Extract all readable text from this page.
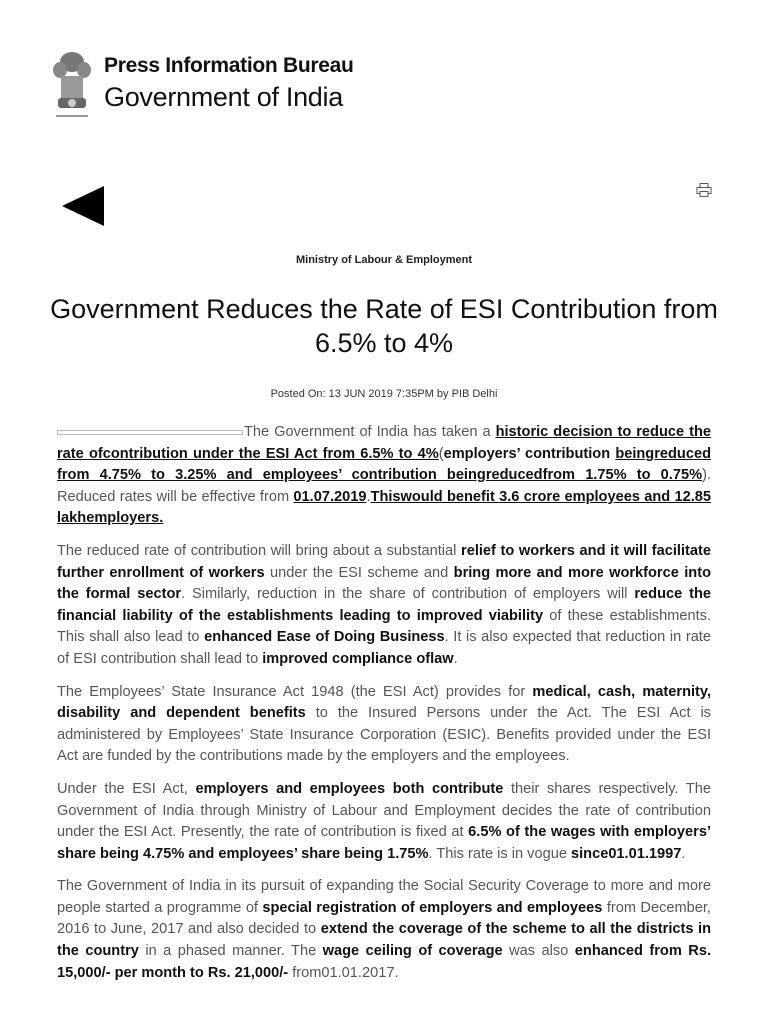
Press Information Bureau
Government of India
Ministry of Labour & Employment
Government Reduces the Rate of ESI Contribution from 6.5% to 4%
Posted On: 13 JUN 2019 7:35PM by PIB Delhi

The Government of India has taken a historic decision to reduce the rate ofcontribution under the ESI Act from 6.5% to 4%(employers’ contribution beingreduced from 4.75% to 3.25% and employees’ contribution beingreducedfrom 1.75% to 0.75%). Reduced rates will be effective from 01.07.2019.Thiswould benefit 3.6 crore employees and 12.85 lakhemployers.

The reduced rate of contribution will bring about a substantial relief to workers and it will facilitate further enrollment of workers under the ESI scheme and bring more and more workforce into the formal sector. Similarly, reduction in the share of contribution of employers will reduce the financial liability of the establishments leading to improved viability of these establishments. This shall also lead to enhanced Ease of Doing Business. It is also expected that reduction in rate of ESI contribution shall lead to improved compliance oflaw.

The Employees’ State Insurance Act 1948 (the ESI Act) provides for medical, cash, maternity, disability and dependent benefits to the Insured Persons under the Act. The ESI Act is administered by Employees’ State Insurance Corporation (ESIC). Benefits provided under the ESI Act are funded by the contributions made by the employers and the employees.

Under the ESI Act, employers and employees both contribute their shares respectively. The Government of India through Ministry of Labour and Employment decides the rate of contribution under the ESI Act. Presently, the rate of contribution is fixed at 6.5% of the wages with employers’ share being 4.75% and employees’ share being 1.75%. This rate is in vogue since01.01.1997.

The Government of India in its pursuit of expanding the Social Security Coverage to more and more people started a programme of special registration of employers and employees from December, 2016 to June, 2017 and also decided to extend the coverage of the scheme to all the districts in the country in a phased manner. The wage ceiling of coverage was also enhanced from Rs. 15,000/- per month to Rs. 21,000/- from01.01.2017.
